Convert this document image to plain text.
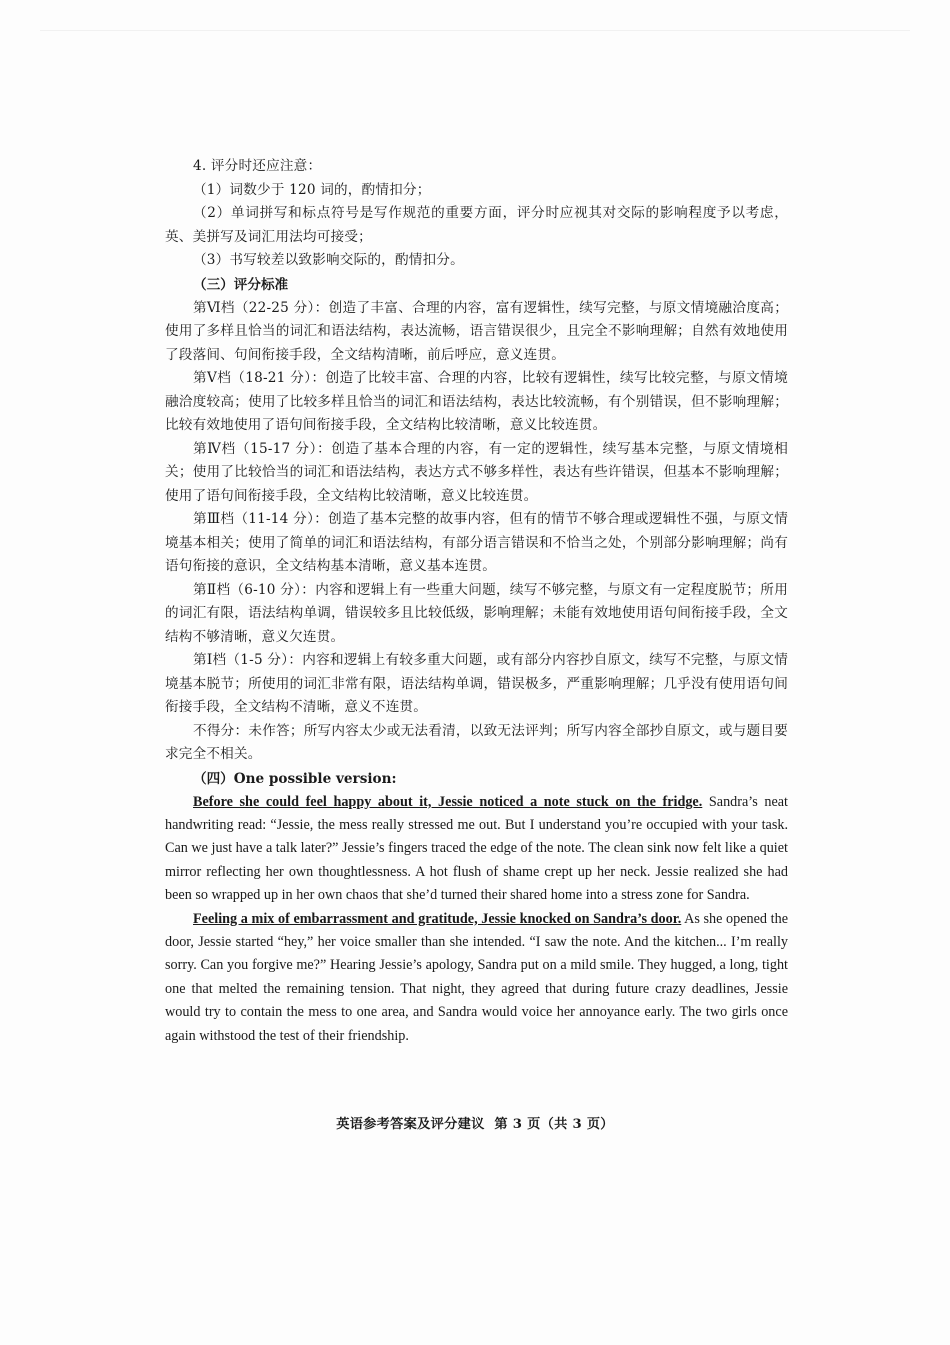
4. 评分时还应注意：

（1）词数少于 120 词的，酌情扣分；

（2）单词拼写和标点符号是写作规范的重要方面，评分时应视其对交际的影响程度予以考虑，英、美拼写及词汇用法均可接受；

（3）书写较差以致影响交际的，酌情扣分。

（三）评分标准

第Ⅵ档（22-25 分）：创造了丰富、合理的内容，富有逻辑性，续写完整，与原文情境融洽度高；使用了多样且恰当的词汇和语法结构，表达流畅，语言错误很少，且完全不影响理解；自然有效地使用了段落间、句间衔接手段，全文结构清晰，前后呼应，意义连贯。

第Ⅴ档（18-21 分）：创造了比较丰富、合理的内容，比较有逻辑性，续写比较完整，与原文情境融洽度较高；使用了比较多样且恰当的词汇和语法结构，表达比较流畅，有个别错误，但不影响理解；比较有效地使用了语句间衔接手段，全文结构比较清晰，意义比较连贯。

第Ⅳ档（15-17 分）：创造了基本合理的内容，有一定的逻辑性，续写基本完整，与原文情境相关；使用了比较恰当的词汇和语法结构，表达方式不够多样性，表达有些许错误，但基本不影响理解；使用了语句间衔接手段，全文结构比较清晰，意义比较连贯。

第Ⅲ档（11-14 分）：创造了基本完整的故事内容，但有的情节不够合理或逻辑性不强，与原文情境基本相关；使用了简单的词汇和语法结构，有部分语言错误和不恰当之处，个别部分影响理解；尚有语句衔接的意识，全文结构基本清晰，意义基本连贯。

第Ⅱ档（6-10 分）：内容和逻辑上有一些重大问题，续写不够完整，与原文有一定程度脱节；所用的词汇有限，语法结构单调，错误较多且比较低级，影响理解；未能有效地使用语句间衔接手段，全文结构不够清晰，意义欠连贯。

第Ⅰ档（1-5 分）：内容和逻辑上有较多重大问题，或有部分内容抄自原文，续写不完整，与原文情境基本脱节；所使用的词汇非常有限，语法结构单调，错误极多，严重影响理解；几乎没有使用语句间衔接手段，全文结构不清晰，意义不连贯。

不得分：未作答；所写内容太少或无法看清，以致无法评判；所写内容全部抄自原文，或与题目要求完全不相关。

（四）One possible version:

Before she could feel happy about it, Jessie noticed a note stuck on the fridge. Sandra’s neat handwriting read: “Jessie, the mess really stressed me out. But I understand you’re occupied with your task. Can we just have a talk later?” Jessie’s fingers traced the edge of the note. The clean sink now felt like a quiet mirror reflecting her own thoughtlessness. A hot flush of shame crept up her neck. Jessie realized she had been so wrapped up in her own chaos that she’d turned their shared home into a stress zone for Sandra.

Feeling a mix of embarrassment and gratitude, Jessie knocked on Sandra’s door. As she opened the door, Jessie started “hey,” her voice smaller than she intended. “I saw the note. And the kitchen... I’m really sorry. Can you forgive me?” Hearing Jessie’s apology, Sandra put on a mild smile. They hugged, a long, tight one that melted the remaining tension. That night, they agreed that during future crazy deadlines, Jessie would try to contain the mess to one area, and Sandra would voice her annoyance early. The two girls once again withstood the test of their friendship.

英语参考答案及评分建议  第 3 页（共 3 页）
